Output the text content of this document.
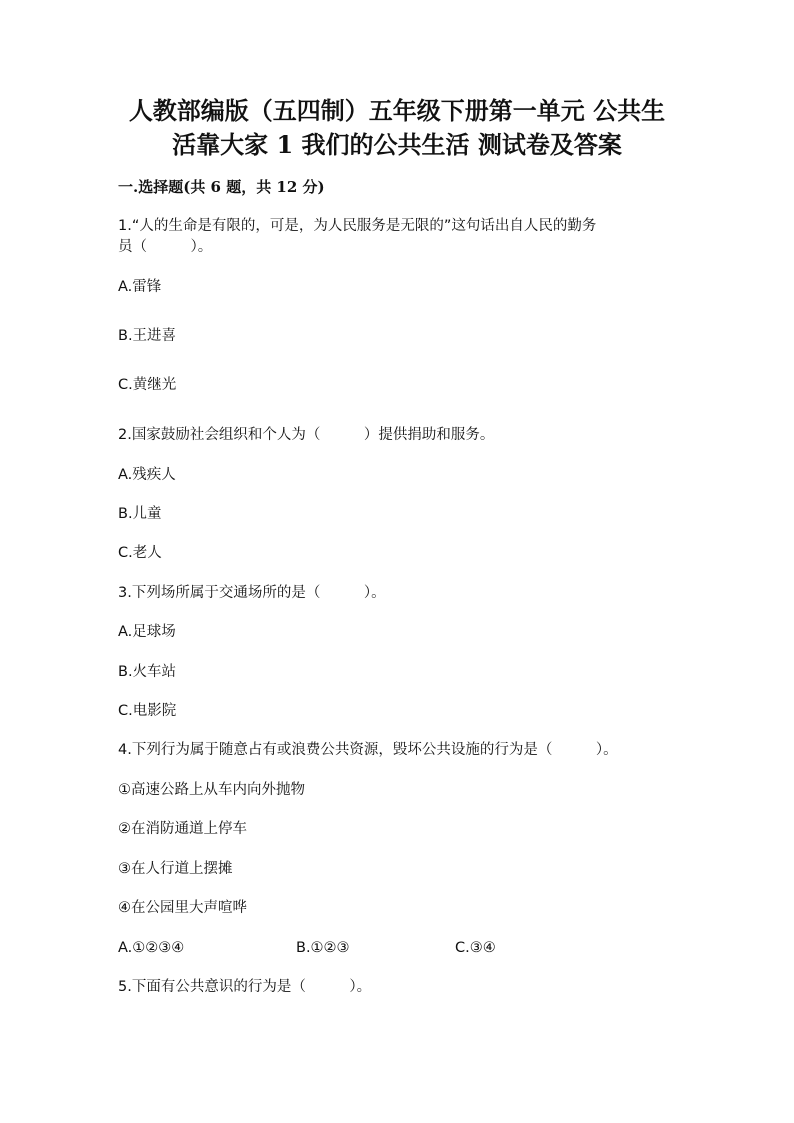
人教部编版（五四制）五年级下册第一单元 公共生
活靠大家 1 我们的公共生活 测试卷及答案
一.选择题(共 6 题，共 12 分)
1.“人的生命是有限的，可是，为人民服务是无限的”这句话出自人民的勤务
员（　　　）。
A.雷锋
B.王进喜
C.黄继光
2.国家鼓励社会组织和个人为（　　　）提供捐助和服务。
A.残疾人
B.儿童
C.老人
3.下列场所属于交通场所的是（　　　）。
A.足球场
B.火车站
C.电影院
4.下列行为属于随意占有或浪费公共资源，毁坏公共设施的行为是（　　　）。
①高速公路上从车内向外抛物
②在消防通道上停车
③在人行道上摆摊
④在公园里大声喧哗
A.①②③④	B.①②③	C.③④
5.下面有公共意识的行为是（　　　）。
